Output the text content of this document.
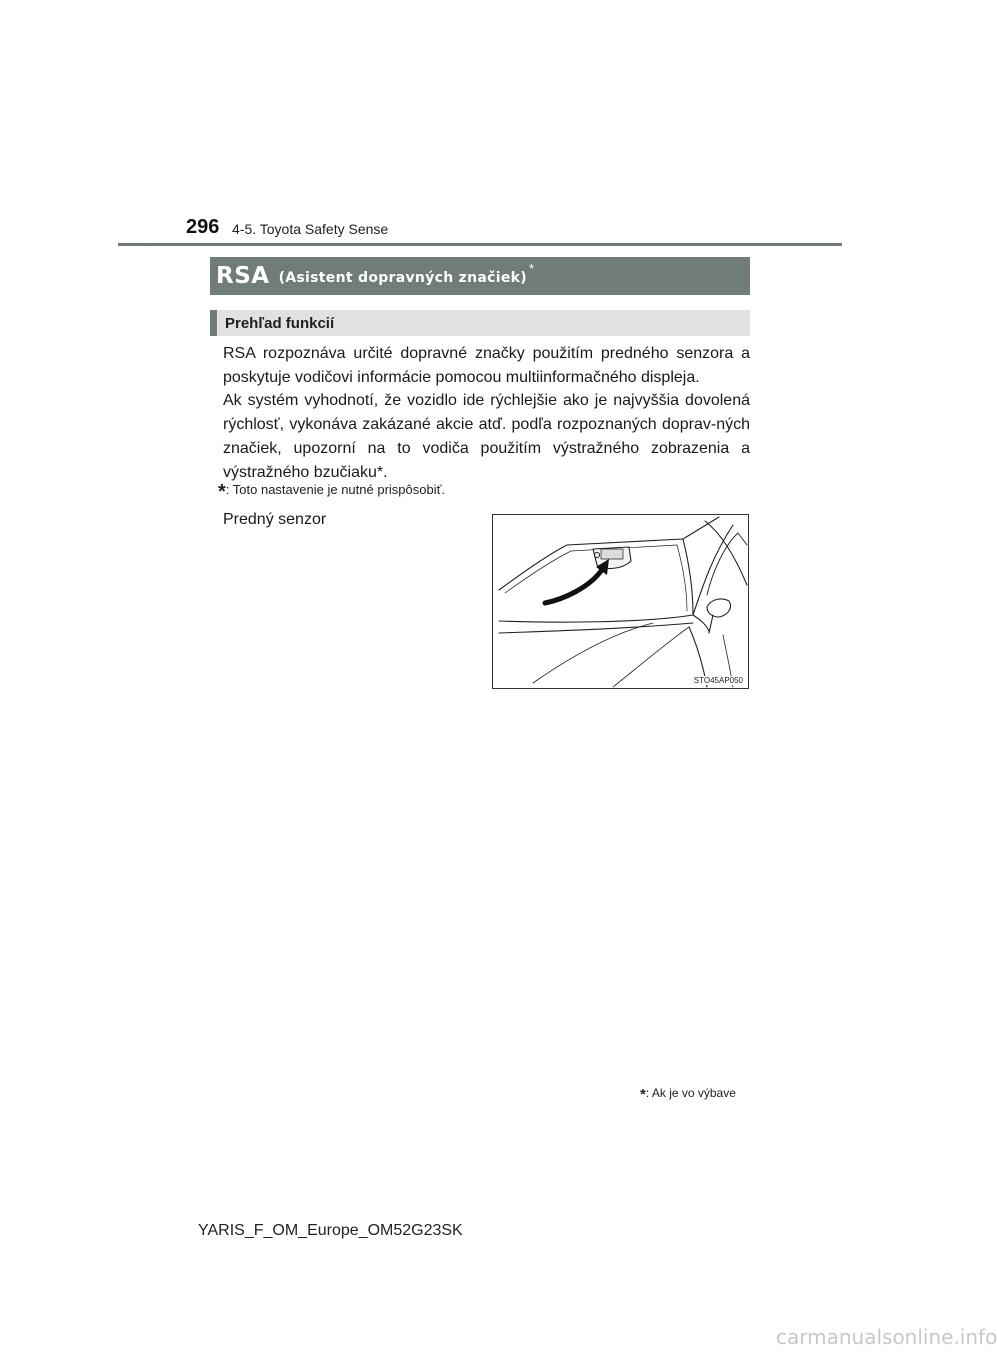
296 4-5. Toyota Safety Sense
RSA (Asistent dopravných značiek)
*
Prehľad funkcií

RSA rozpoznáva určité dopravné značky použitím predného senzora a poskytuje vodičovi informácie pomocou multiinformačného displeja.

Ak systém vyhodnotí, že vozidlo ide rýchlejšie ako je najvyššia dovolená rýchlosť, vykonáva zakázané akcie atď. podľa rozpoznaných doprav-ných značiek, upozorní na to vodiča použitím výstražného zobrazenia a výstražného bzučiaku*.

*: Toto nastavenie je nutné prispôsobiť.
Predný senzor
STO45AP050
*: Ak je vo výbave
YARIS_F_OM_Europe_OM52G23SK
carmanualsonline.info
